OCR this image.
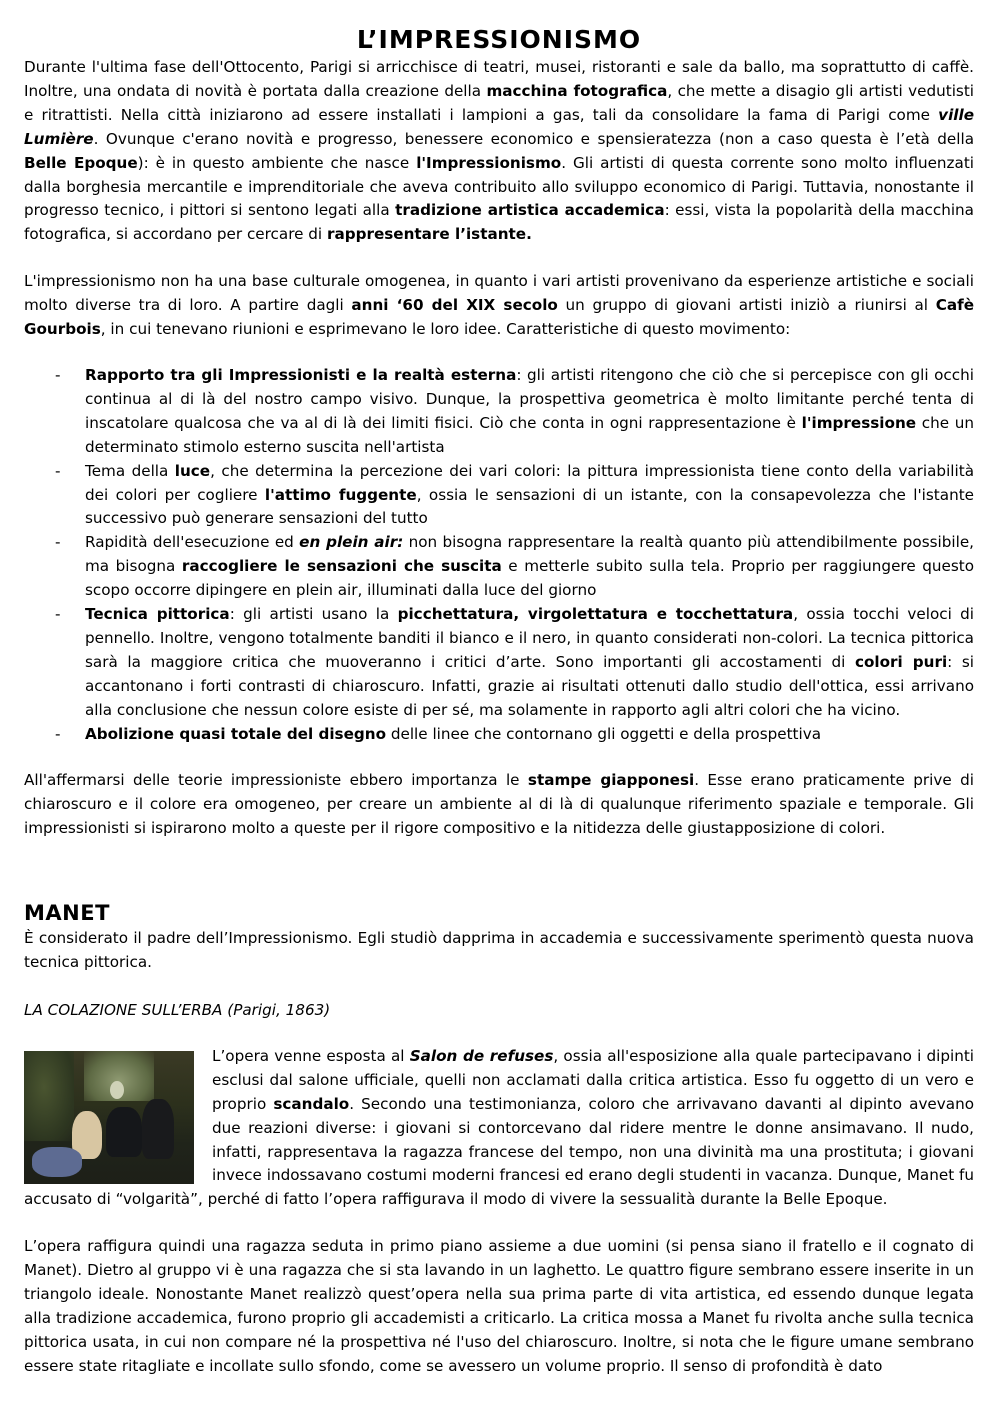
L’IMPRESSIONISMO

Durante l'ultima fase dell'Ottocento, Parigi si arricchisce di teatri, musei, ristoranti e sale da ballo, ma soprattutto di caffè. Inoltre, una ondata di novità è portata dalla creazione della macchina fotografica, che mette a disagio gli artisti vedutisti e ritrattisti. Nella città iniziarono ad essere installati i lampioni a gas, tali da consolidare la fama di Parigi come ville Lumière. Ovunque c'erano novità e progresso, benessere economico e spensieratezza (non a caso questa è l’età della Belle Epoque): è in questo ambiente che nasce l'Impressionismo. Gli artisti di questa corrente sono molto influenzati dalla borghesia mercantile e imprenditoriale che aveva contribuito allo sviluppo economico di Parigi. Tuttavia, nonostante il progresso tecnico, i pittori si sentono legati alla tradizione artistica accademica: essi, vista la popolarità della macchina fotografica, si accordano per cercare di rappresentare l’istante.

L'impressionismo non ha una base culturale omogenea, in quanto i vari artisti provenivano da esperienze artistiche e sociali molto diverse tra di loro. A partire dagli anni ‘60 del XIX secolo un gruppo di giovani artisti iniziò a riunirsi al Cafè Gourbois, in cui tenevano riunioni e esprimevano le loro idee. Caratteristiche di questo movimento:

- Rapporto tra gli Impressionisti e la realtà esterna: gli artisti ritengono che ciò che si percepisce con gli occhi continua al di là del nostro campo visivo. Dunque, la prospettiva geometrica è molto limitante perché tenta di inscatolare qualcosa che va al di là dei limiti fisici. Ciò che conta in ogni rappresentazione è l'impressione che un determinato stimolo esterno suscita nell'artista
- Tema della luce, che determina la percezione dei vari colori: la pittura impressionista tiene conto della variabilità dei colori per cogliere l'attimo fuggente, ossia le sensazioni di un istante, con la consapevolezza che l'istante successivo può generare sensazioni del tutto
- Rapidità dell'esecuzione ed en plein air: non bisogna rappresentare la realtà quanto più attendibilmente possibile, ma bisogna raccogliere le sensazioni che suscita e metterle subito sulla tela. Proprio per raggiungere questo scopo occorre dipingere en plein air, illuminati dalla luce del giorno
- Tecnica pittorica: gli artisti usano la picchettatura, virgolettatura e tocchettatura, ossia tocchi veloci di pennello. Inoltre, vengono totalmente banditi il bianco e il nero, in quanto considerati non-colori. La tecnica pittorica sarà la maggiore critica che muoveranno i critici d’arte. Sono importanti gli accostamenti di colori puri: si accantonano i forti contrasti di chiaroscuro. Infatti, grazie ai risultati ottenuti dallo studio dell'ottica, essi arrivano alla conclusione che nessun colore esiste di per sé, ma solamente in rapporto agli altri colori che ha vicino.
- Abolizione quasi totale del disegno delle linee che contornano gli oggetti e della prospettiva

All'affermarsi delle teorie impressioniste ebbero importanza le stampe giapponesi. Esse erano praticamente prive di chiaroscuro e il colore era omogeneo, per creare un ambiente al di là di qualunque riferimento spaziale e temporale. Gli impressionisti si ispirarono molto a queste per il rigore compositivo e la nitidezza delle giustapposizione di colori.

MANET

È considerato il padre dell’Impressionismo. Egli studiò dapprima in accademia e successivamente sperimentò questa nuova tecnica pittorica.

LA COLAZIONE SULL’ERBA (Parigi, 1863)

L’opera venne esposta al Salon de refuses, ossia all'esposizione alla quale partecipavano i dipinti esclusi dal salone ufficiale, quelli non acclamati dalla critica artistica. Esso fu oggetto di un vero e proprio scandalo. Secondo una testimonianza, coloro che arrivavano davanti al dipinto avevano due reazioni diverse: i giovani si contorcevano dal ridere mentre le donne ansimavano. Il nudo, infatti, rappresentava la ragazza francese del tempo, non una divinità ma una prostituta; i giovani invece indossavano costumi moderni francesi ed erano degli studenti in vacanza. Dunque, Manet fu accusato di “volgarità”, perché di fatto l’opera raffigurava il modo di vivere la sessualità durante la Belle Epoque.

L’opera raffigura quindi una ragazza seduta in primo piano assieme a due uomini (si pensa siano il fratello e il cognato di Manet). Dietro al gruppo vi è una ragazza che si sta lavando in un laghetto. Le quattro figure sembrano essere inserite in un triangolo ideale. Nonostante Manet realizzò quest’opera nella sua prima parte di vita artistica, ed essendo dunque legata alla tradizione accademica, furono proprio gli accademisti a criticarlo. La critica mossa a Manet fu rivolta anche sulla tecnica pittorica usata, in cui non compare né la prospettiva né l'uso del chiaroscuro. Inoltre, si nota che le figure umane sembrano essere state ritagliate e incollate sullo sfondo, come se avessero un volume proprio. Il senso di profondità è dato
